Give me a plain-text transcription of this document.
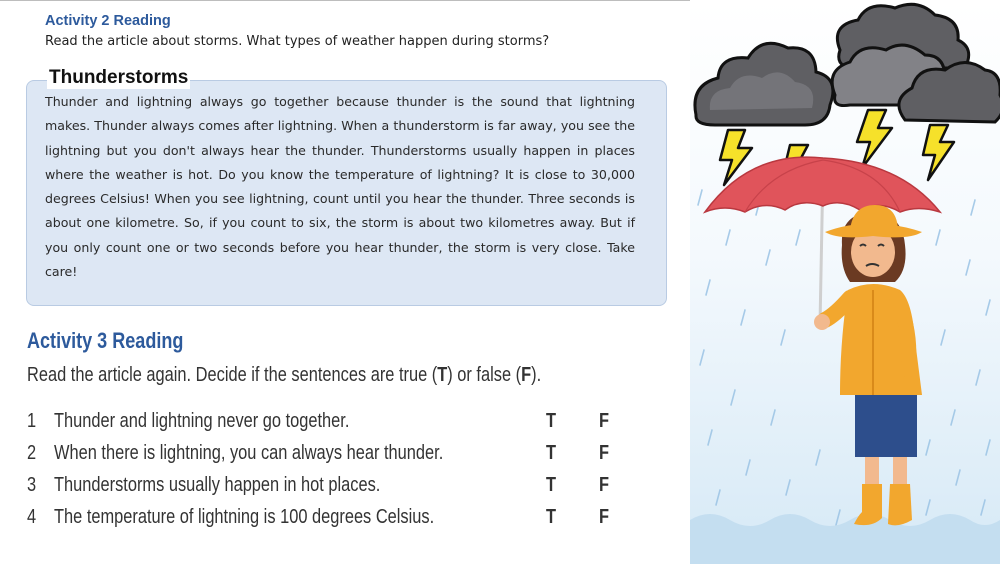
Activity 2 Reading
Read the article about storms. What types of weather happen during storms?
Thunderstorms

Thunder and lightning always go together because thunder is the sound that lightning makes. Thunder always comes after lightning. When a thunderstorm is far away, you see the lightning but you don't always hear the thunder. Thunderstorms usually happen in places where the weather is hot. Do you know the temperature of lightning? It is close to 30,000 degrees Celsius! When you see lightning, count until you hear the thunder. Three seconds is about one kilometre. So, if you count to six, the storm is about two kilometres away. But if you only count one or two seconds before you hear thunder, the storm is very close. Take care!

Activity 3 Reading
Read the article again. Decide if the sentences are true (T) or false (F).
1 Thunder and lightning never go together.	T F
2 When there is lightning, you can always hear thunder.	T F
3 Thunderstorms usually happen in hot places.	T F
4 The temperature of lightning is 100 degrees Celsius.	T F
